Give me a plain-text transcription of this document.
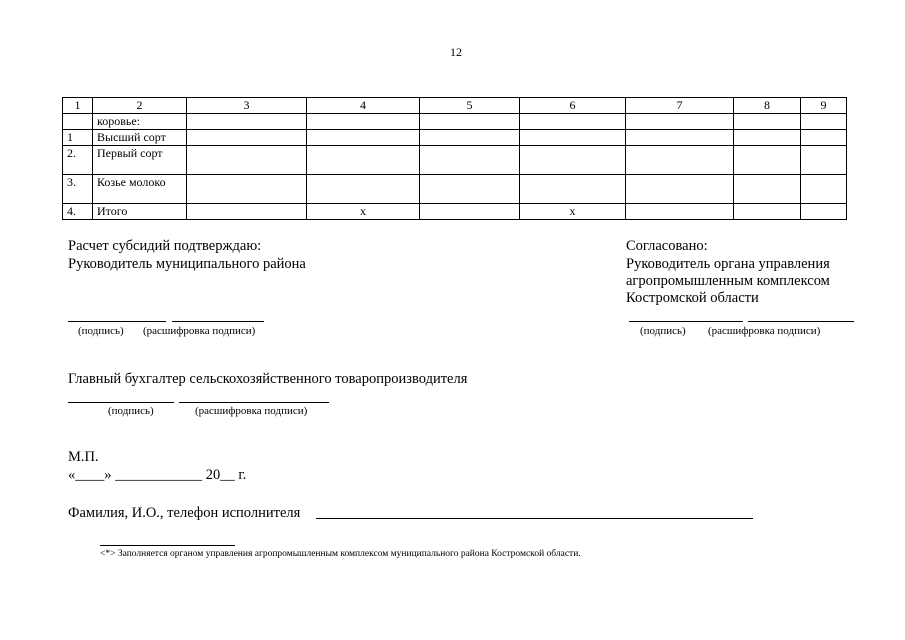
12
1	2	3	4	5	6	7	8	9
	коровье:							
1	Высший сорт							
2.	Первый сорт							
3.	Козье молоко							
4.	Итого		x		x			
Расчет субсидий подтверждаю:
Руководитель муниципального района
(подпись) (расшифровка подписи)
Согласовано:
Руководитель органа управления
агропромышленным комплексом
Костромской области
(подпись) (расшифровка подписи)
Главный бухгалтер сельскохозяйственного товаропроизводителя
(подпись)	(расшифровка подписи)
М.П.
«____» ____________ 20__ г.
Фамилия, И.О., телефон исполнителя
<*> Заполняется органом управления агропромышленным комплексом муниципального района Костромской области.
